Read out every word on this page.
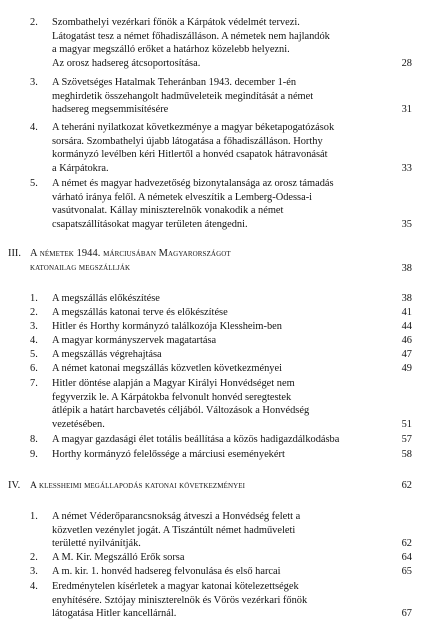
2. Szombathelyi vezérkari főnök a Kárpátok védelmét tervezi.
Látogatást tesz a német főhadiszálláson. A németek nem hajlandók
a magyar megszálló erőket a határhoz közelebb helyezni.
Az orosz hadsereg átcsoportosítása.	28
3. A Szövetséges Hatalmak Teheránban 1943. december 1-én
meghirdetik összehangolt hadműveleteik megindítását a német
hadsereg megsemmisítésére	31
4. A teheráni nyilatkozat következménye a magyar béketapogatózások
sorsára. Szombathelyi újabb látogatása a főhadiszálláson. Horthy
kormányzó levélben kéri Hitlertől a honvéd csapatok hátravonását
a Kárpátokra.	33
5. A német és magyar hadvezetőség bizonytalansága az orosz támadás
várható iránya felől. A németek elveszítik a Lemberg-Odessa-i
vasútvonalat. Kállay miniszterelnök vonakodik a német
csapatszállításokat magyar területen átengedni.	35
III. A németek 1944. márciusában Magyarországot
katonailag megszállják	38
1. A megszállás előkészítése	38
2. A megszállás katonai terve és előkészítése	41
3. Hitler és Horthy kormányzó találkozója Klessheim-ben	44
4. A magyar kormányszervek magatartása	46
5. A megszállás végrehajtása	47
6. A német katonai megszállás közvetlen következményei	49
7. Hitler döntése alapján a Magyar Királyi Honvédséget nem
fegyverzik le. A Kárpátokba felvonult honvéd seregtestek
átlépik a határt harcbavetés céljából. Változások a Honvédség
vezetésében.	51
8. A magyar gazdasági élet totális beállítása a közös hadigazdálkodásba	57
9. Horthy kormányzó felelőssége a márciusi eseményekért	58
IV. A klessheimi megállapodás katonai következményei	62
1. A német Véderőparancsnokság átveszi a Honvédség felett a
közvetlen vezénylet jogát. A Tiszántúlt német hadműveleti
területté nyilvánítják.	62
2. A M. Kir. Megszálló Erők sorsa	64
3. A m. kir. 1. honvéd hadsereg felvonulása és első harcai	65
4. Eredménytelen kísérletek a magyar katonai kötelezettségek
enyhítésére. Sztójay miniszterelnök és Vörös vezérkari főnök
látogatása Hitler kancellárnál.	67
